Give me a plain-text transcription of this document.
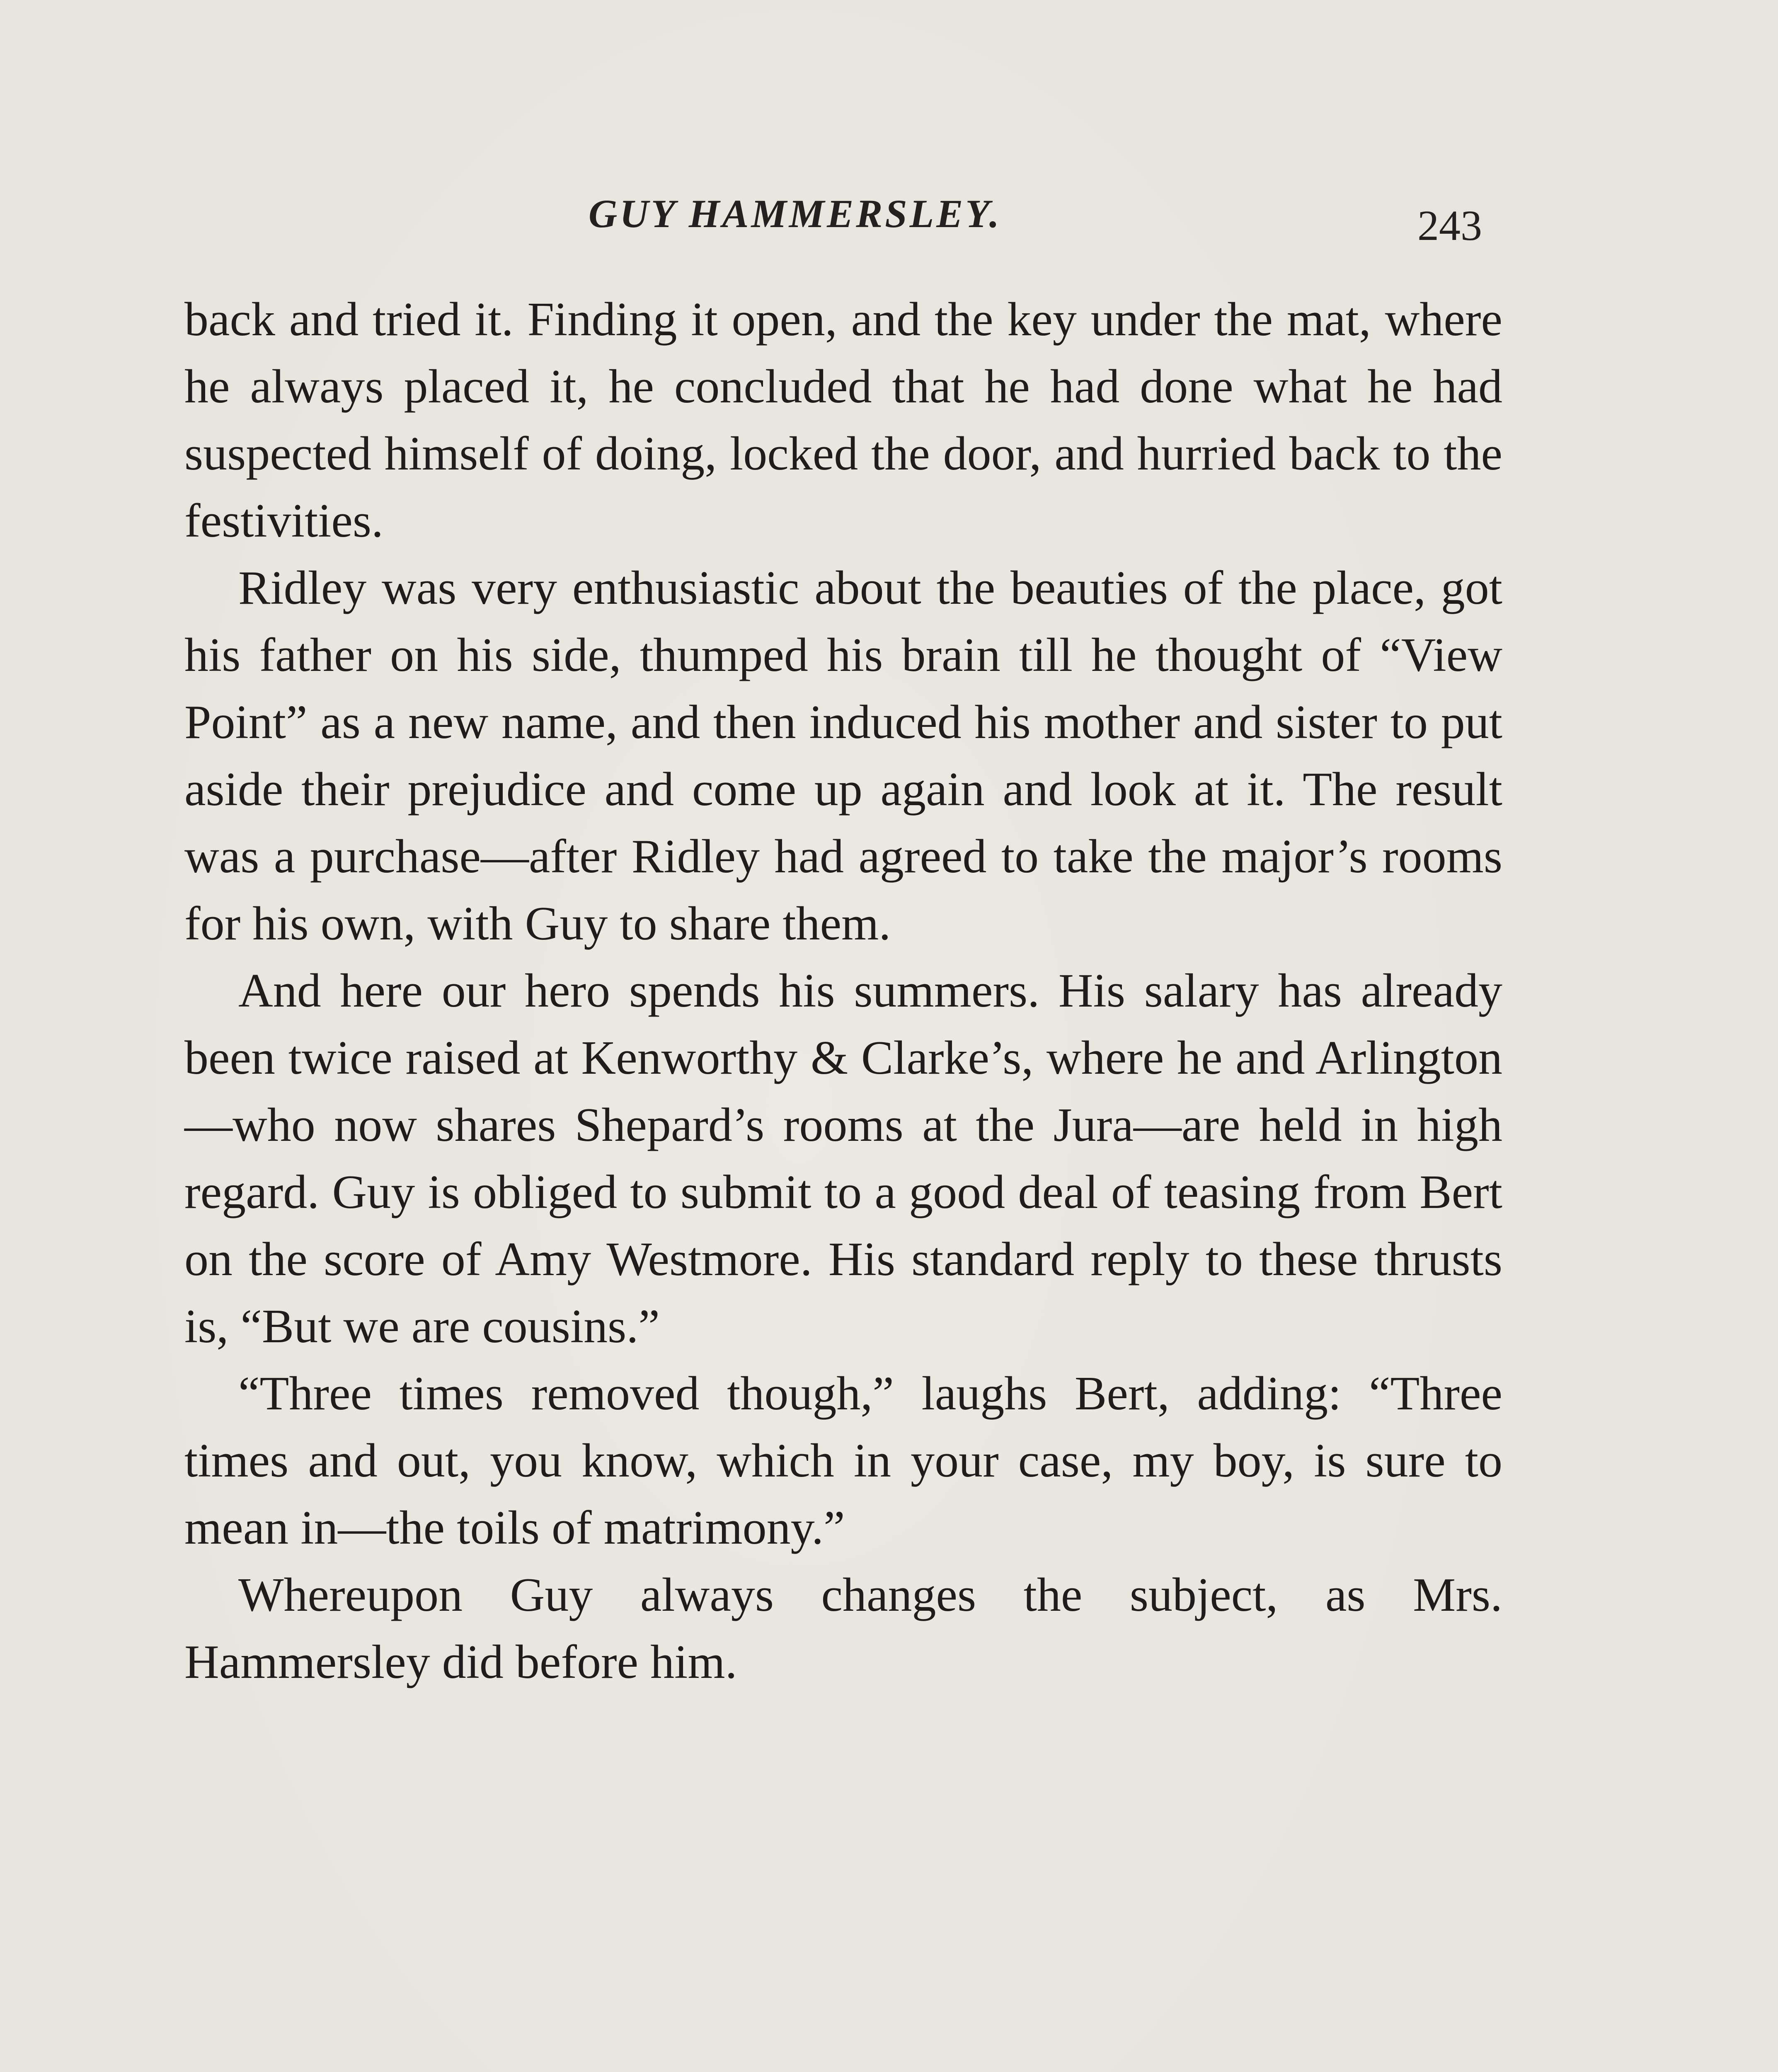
GUY HAMMERSLEY.	243

back and tried it. Finding it open, and the key under the mat, where he always placed it, he concluded that he had done what he had suspected himself of doing, locked the door, and hurried back to the festivities.

Ridley was very enthusiastic about the beauties of the place, got his father on his side, thumped his brain till he thought of “View Point” as a new name, and then induced his mother and sister to put aside their prejudice and come up again and look at it. The result was a purchase—after Ridley had agreed to take the major’s rooms for his own, with Guy to share them.

And here our hero spends his summers. His salary has already been twice raised at Kenworthy & Clarke’s, where he and Arlington—who now shares Shepard’s rooms at the Jura—are held in high regard. Guy is obliged to submit to a good deal of teasing from Bert on the score of Amy Westmore. His standard reply to these thrusts is, “But we are cousins.”

“Three times removed though,” laughs Bert, adding: “Three times and out, you know, which in your case, my boy, is sure to mean in—the toils of matrimony.”

Whereupon Guy always changes the subject, as Mrs. Hammersley did before him.
